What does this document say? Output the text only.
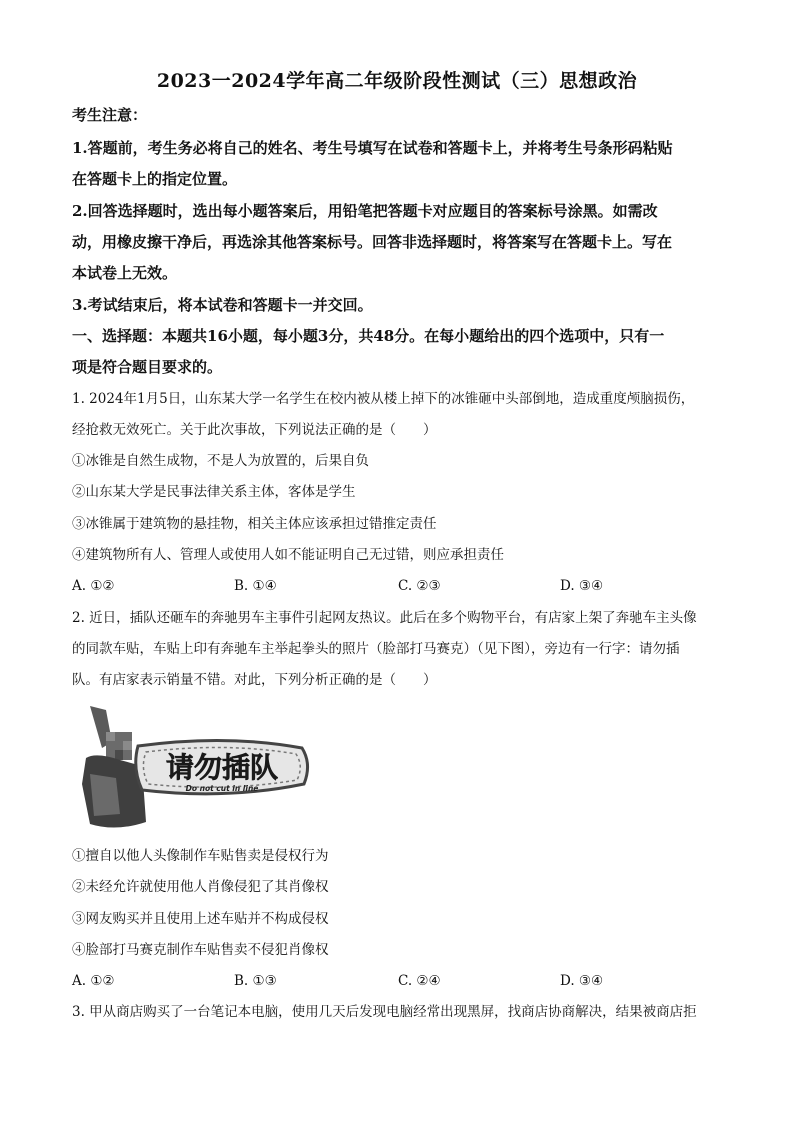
2023一2024学年高二年级阶段性测试（三）思想政治
考生注意：
1.答题前，考生务必将自己的姓名、考生号填写在试卷和答题卡上，并将考生号条形码粘贴
在答题卡上的指定位置。
2.回答选择题时，选出每小题答案后，用铅笔把答题卡对应题目的答案标号涂黑。如需改
动，用橡皮擦干净后，再选涂其他答案标号。回答非选择题时，将答案写在答题卡上。写在
本试卷上无效。
3.考试结束后，将本试卷和答题卡一并交回。
一、选择题：本题共16小题，每小题3分，共48分。在每小题给出的四个选项中，只有一
项是符合题目要求的。
1. 2024年1月5日，山东某大学一名学生在校内被从楼上掉下的冰锥砸中头部倒地，造成重度颅脑损伤，
经抢救无效死亡。关于此次事故，下列说法正确的是（　　）
①冰锥是自然生成物，不是人为放置的，后果自负
②山东某大学是民事法律关系主体，客体是学生
③冰锥属于建筑物的悬挂物，相关主体应该承担过错推定责任
④建筑物所有人、管理人或使用人如不能证明自己无过错，则应承担责任
A. ①②	B. ①④	C. ②③	D. ③④
2. 近日，插队还砸车的奔驰男车主事件引起网友热议。此后在多个购物平台，有店家上架了奔驰车主头像
的同款车贴，车贴上印有奔驰车主举起拳头的照片（脸部打马赛克）（见下图），旁边有一行字：请勿插
队。有店家表示销量不错。对此，下列分析正确的是（　　）
请勿插队
Do not cut in line
①擅自以他人头像制作车贴售卖是侵权行为
②未经允许就使用他人肖像侵犯了其肖像权
③网友购买并且使用上述车贴并不构成侵权
④脸部打马赛克制作车贴售卖不侵犯肖像权
A. ①②	B. ①③	C. ②④	D. ③④
3. 甲从商店购买了一台笔记本电脑，使用几天后发现电脑经常出现黑屏，找商店协商解决，结果被商店拒
